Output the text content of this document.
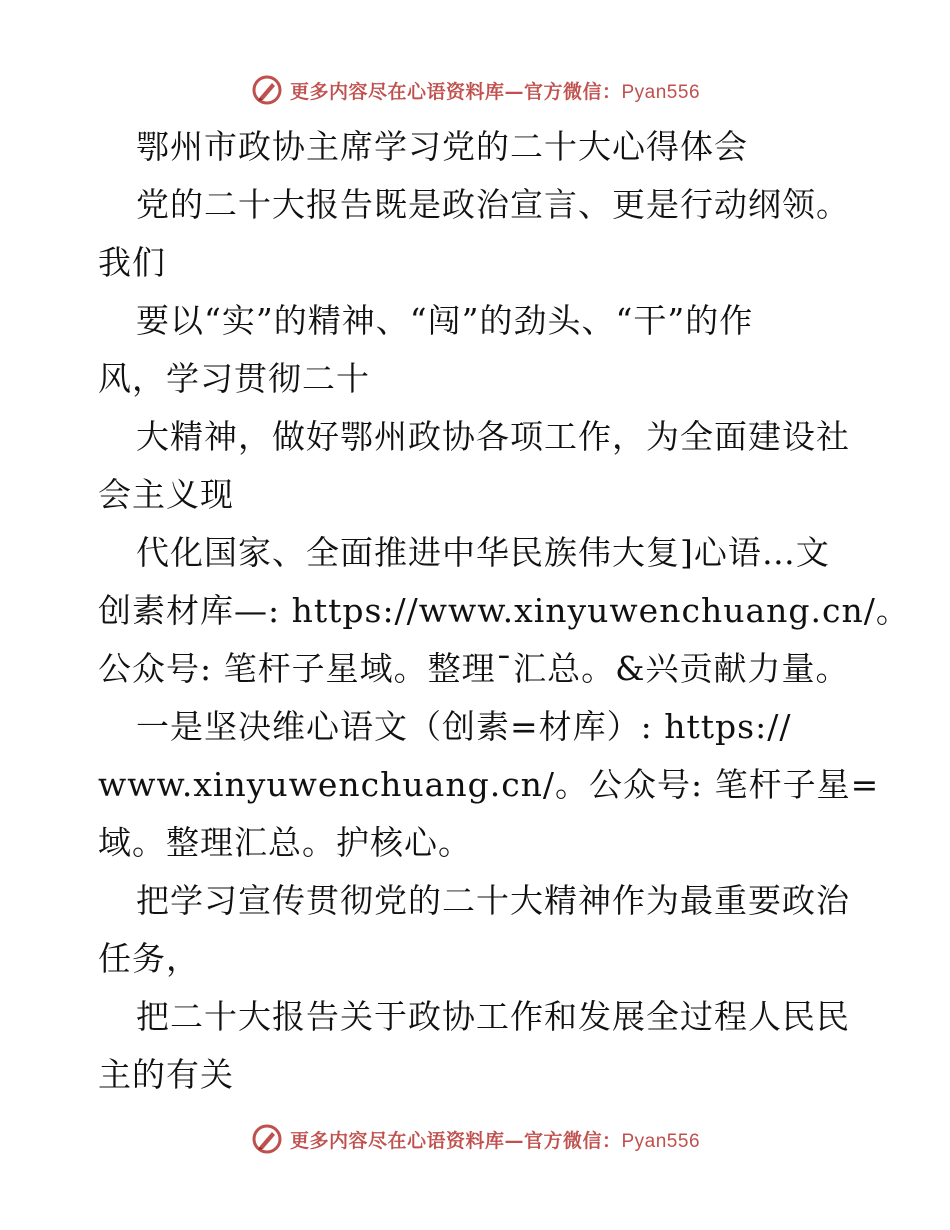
更多内容尽在心语资料库—官方微信：Pyan556
鄂州市政协主席学习党的二十大心得体会
党的二十大报告既是政治宣言、更是行动纲领。
我们
要以“实”的精神、“闯”的劲头、“干”的作
风，学习贯彻二十
大精神，做好鄂州政协各项工作，为全面建设社
会主义现
代化国家、全面推进中华民族伟大复]心语…文
创素材库—: https://www.xinyuwenchuang.cn/。
公众号: 笔杆子星域。整理¯汇总。&兴贡献力量。
一是坚决维心语文（创素=材库）: https://
www.xinyuwenchuang.cn/。公众号: 笔杆子星=
域。整理汇总。护核心。
把学习宣传贯彻党的二十大精神作为最重要政治
任务，
把二十大报告关于政协工作和发展全过程人民民
主的有关
更多内容尽在心语资料库—官方微信：Pyan556
